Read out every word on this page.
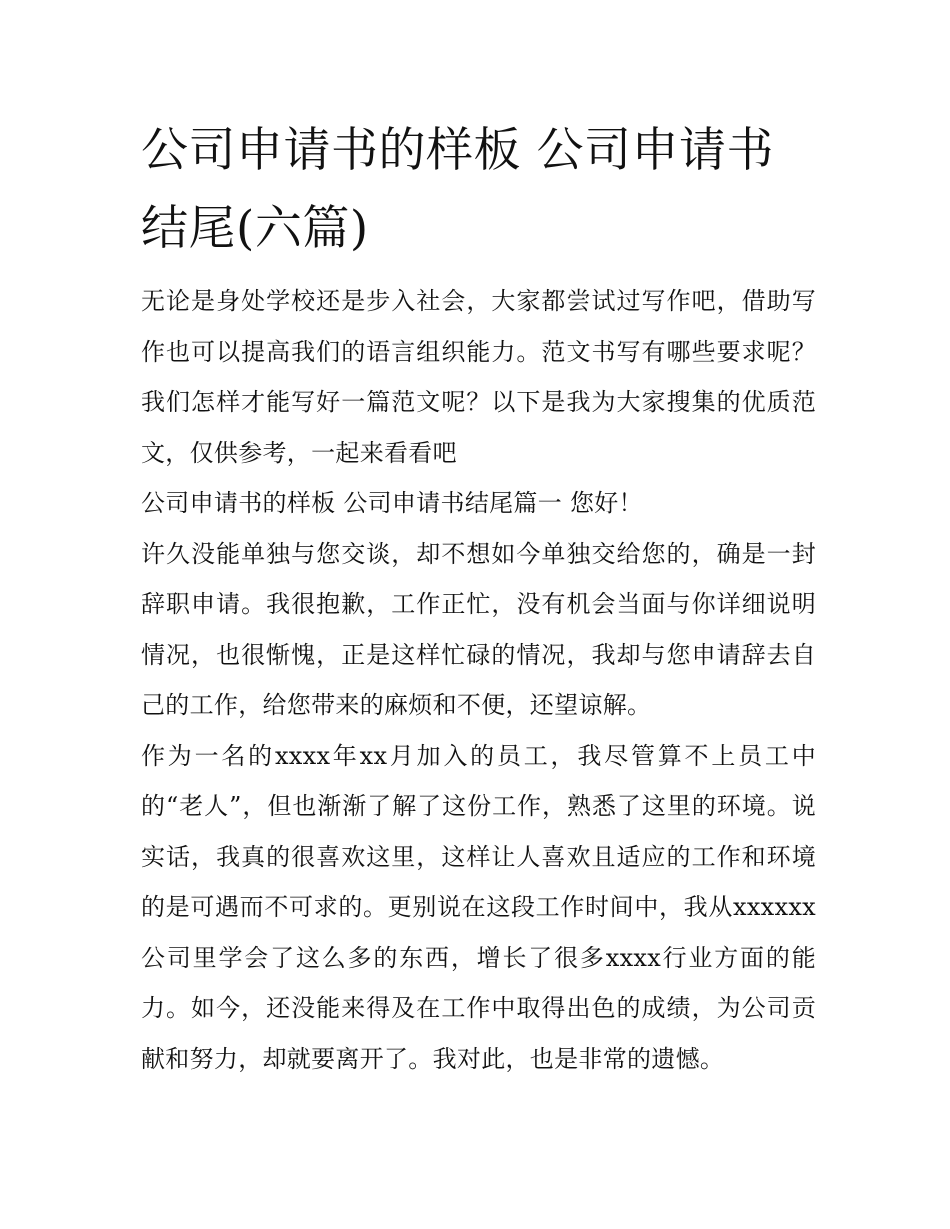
公司申请书的样板 公司申请书结尾(六篇)

无论是身处学校还是步入社会，大家都尝试过写作吧，借助写作也可以提高我们的语言组织能力。范文书写有哪些要求呢？我们怎样才能写好一篇范文呢？以下是我为大家搜集的优质范文，仅供参考，一起来看看吧

公司申请书的样板 公司申请书结尾篇一 您好！

许久没能单独与您交谈，却不想如今单独交给您的，确是一封辞职申请。我很抱歉，工作正忙，没有机会当面与你详细说明情况，也很惭愧，正是这样忙碌的情况，我却与您申请辞去自己的工作，给您带来的麻烦和不便，还望谅解。

作为一名的xxxx年xx月加入的员工，我尽管算不上员工中的“老人”，但也渐渐了解了这份工作，熟悉了这里的环境。说实话，我真的很喜欢这里，这样让人喜欢且适应的工作和环境的是可遇而不可求的。更别说在这段工作时间中，我从xxxxxx公司里学会了这么多的东西，增长了很多xxxx行业方面的能力。如今，还没能来得及在工作中取得出色的成绩，为公司贡献和努力，却就要离开了。我对此，也是非常的遗憾。
